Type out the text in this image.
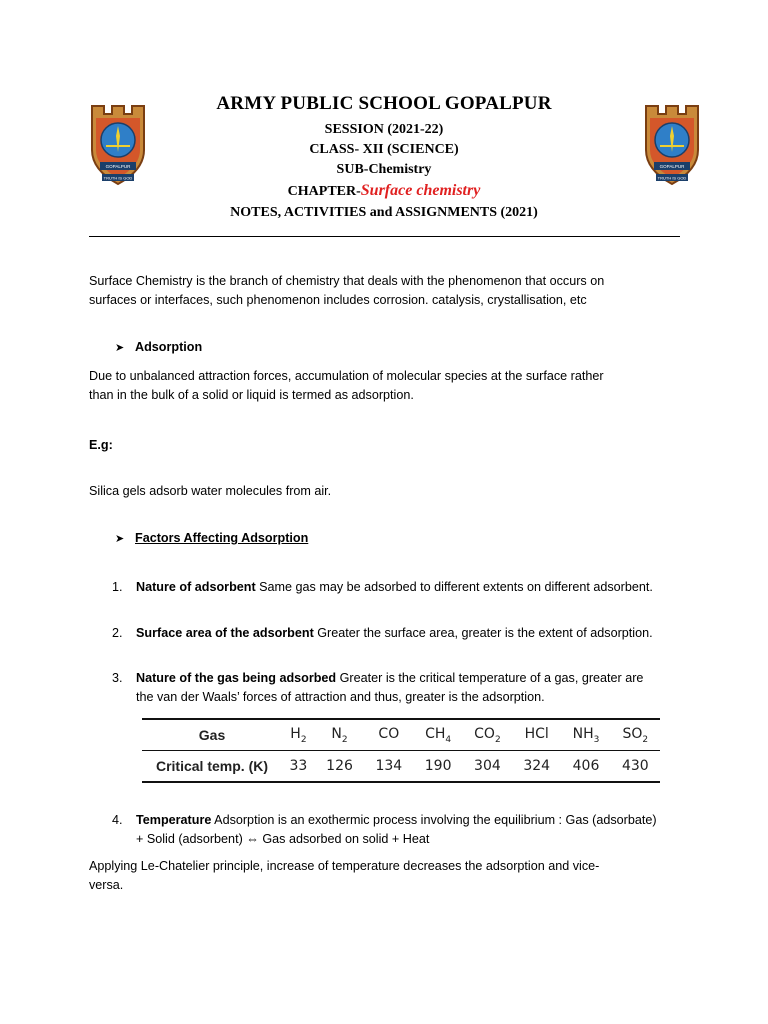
GOPALPUR
TRUTH IS GOD
GOPALPUR
TRUTH IS GOD
ARMY PUBLIC SCHOOL GOPALPUR
SESSION (2021-22)
CLASS- XII (SCIENCE)
SUB-Chemistry
CHAPTER-Surface chemistry
NOTES, ACTIVITIES and ASSIGNMENTS (2021)
Surface Chemistry is the branch of chemistry that deals with the phenomenon that occurs on
surfaces or interfaces, such phenomenon includes corrosion. catalysis, crystallisation, etc
➤ Adsorption
Due to unbalanced attraction forces, accumulation of molecular species at the surface rather
than in the bulk of a solid or liquid is termed as adsorption.
E.g:
Silica gels adsorb water molecules from air.
➤ Factors Affecting Adsorption
1.	Nature of adsorbent Same gas may be adsorbed to different extents on different adsorbent.
2.	Surface area of the adsorbent Greater the surface area, greater is the extent of adsorption.
3.	Nature of the gas being adsorbed Greater is the critical temperature of a gas, greater are the van der Waals’ forces of attraction and thus, greater is the adsorption.
Gas	$H_2$	$N_2$	CO	$CH_4$	$CO_2$	HCl	$NH_3$	$SO_2$
Critical temp. (K)	33	126	134	190	304	324	406	430
4.	Temperature Adsorption is an exothermic process involving the equilibrium : Gas (adsorbate) + Solid (adsorbent) ⇔ Gas adsorbed on solid + Heat
Applying Le-Chatelier principle, increase of temperature decreases the adsorption and vice-
versa.
